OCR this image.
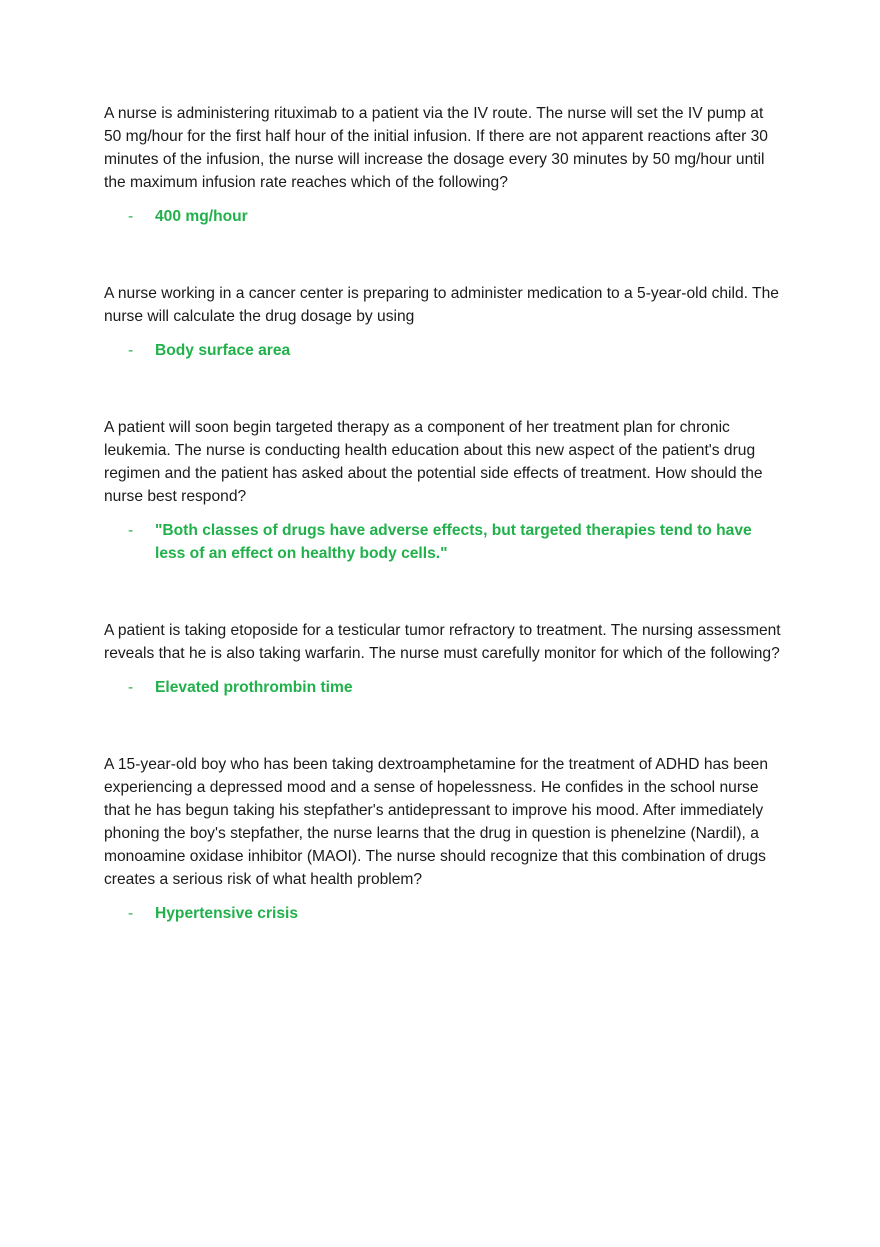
A nurse is administering rituximab to a patient via the IV route. The nurse will set the IV pump at 50 mg/hour for the first half hour of the initial infusion. If there are not apparent reactions after 30 minutes of the infusion, the nurse will increase the dosage every 30 minutes by 50 mg/hour until the maximum infusion rate reaches which of the following?

- 400 mg/hour

A nurse working in a cancer center is preparing to administer medication to a 5-year-old child. The nurse will calculate the drug dosage by using

- Body surface area

A patient will soon begin targeted therapy as a component of her treatment plan for chronic leukemia. The nurse is conducting health education about this new aspect of the patient's drug regimen and the patient has asked about the potential side effects of treatment. How should the nurse best respond?

- "Both classes of drugs have adverse effects, but targeted therapies tend to have less of an effect on healthy body cells."

A patient is taking etoposide for a testicular tumor refractory to treatment. The nursing assessment reveals that he is also taking warfarin. The nurse must carefully monitor for which of the following?

- Elevated prothrombin time

A 15-year-old boy who has been taking dextroamphetamine for the treatment of ADHD has been experiencing a depressed mood and a sense of hopelessness. He confides in the school nurse that he has begun taking his stepfather's antidepressant to improve his mood. After immediately phoning the boy's stepfather, the nurse learns that the drug in question is phenelzine (Nardil), a monoamine oxidase inhibitor (MAOI). The nurse should recognize that this combination of drugs creates a serious risk of what health problem?

- Hypertensive crisis
